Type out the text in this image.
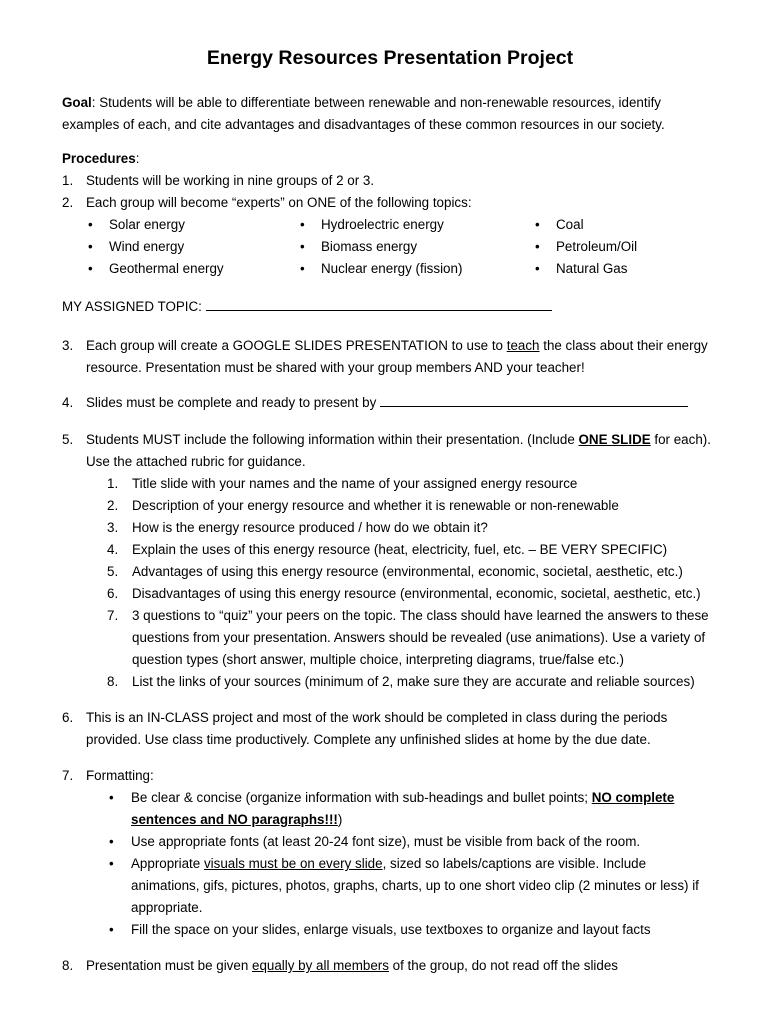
Energy Resources Presentation Project

Goal: Students will be able to differentiate between renewable and non-renewable resources, identify examples of each, and cite advantages and disadvantages of these common resources in our society.

Procedures:

1. Students will be working in nine groups of 2 or 3.
2. Each group will become “experts” on ONE of the following topics:
• Solar energy	• Hydroelectric energy	• Coal
• Wind energy	• Biomass energy	• Petroleum/Oil
• Geothermal energy	• Nuclear energy (fission)	• Natural Gas

MY ASSIGNED TOPIC:

3. Each group will create a GOOGLE SLIDES PRESENTATION to use to teach the class about their energy resource. Presentation must be shared with your group members AND your teacher!
4. Slides must be complete and ready to present by
5. Students MUST include the following information within their presentation. (Include ONE SLIDE for each). Use the attached rubric for guidance.
1. Title slide with your names and the name of your assigned energy resource
2. Description of your energy resource and whether it is renewable or non-renewable
3. How is the energy resource produced / how do we obtain it?
4. Explain the uses of this energy resource (heat, electricity, fuel, etc. – BE VERY SPECIFIC)
5. Advantages of using this energy resource (environmental, economic, societal, aesthetic, etc.)
6. Disadvantages of using this energy resource (environmental, economic, societal, aesthetic, etc.)
7. 3 questions to “quiz” your peers on the topic. The class should have learned the answers to these questions from your presentation. Answers should be revealed (use animations). Use a variety of question types (short answer, multiple choice, interpreting diagrams, true/false etc.)
8. List the links of your sources (minimum of 2, make sure they are accurate and reliable sources)
6. This is an IN-CLASS project and most of the work should be completed in class during the periods provided. Use class time productively. Complete any unfinished slides at home by the due date.
7. Formatting:
• Be clear & concise (organize information with sub-headings and bullet points; NO complete sentences and NO paragraphs!!!)
• Use appropriate fonts (at least 20-24 font size), must be visible from back of the room.
• Appropriate visuals must be on every slide, sized so labels/captions are visible. Include animations, gifs, pictures, photos, graphs, charts, up to one short video clip (2 minutes or less) if appropriate.
• Fill the space on your slides, enlarge visuals, use textboxes to organize and layout facts
8. Presentation must be given equally by all members of the group, do not read off the slides
